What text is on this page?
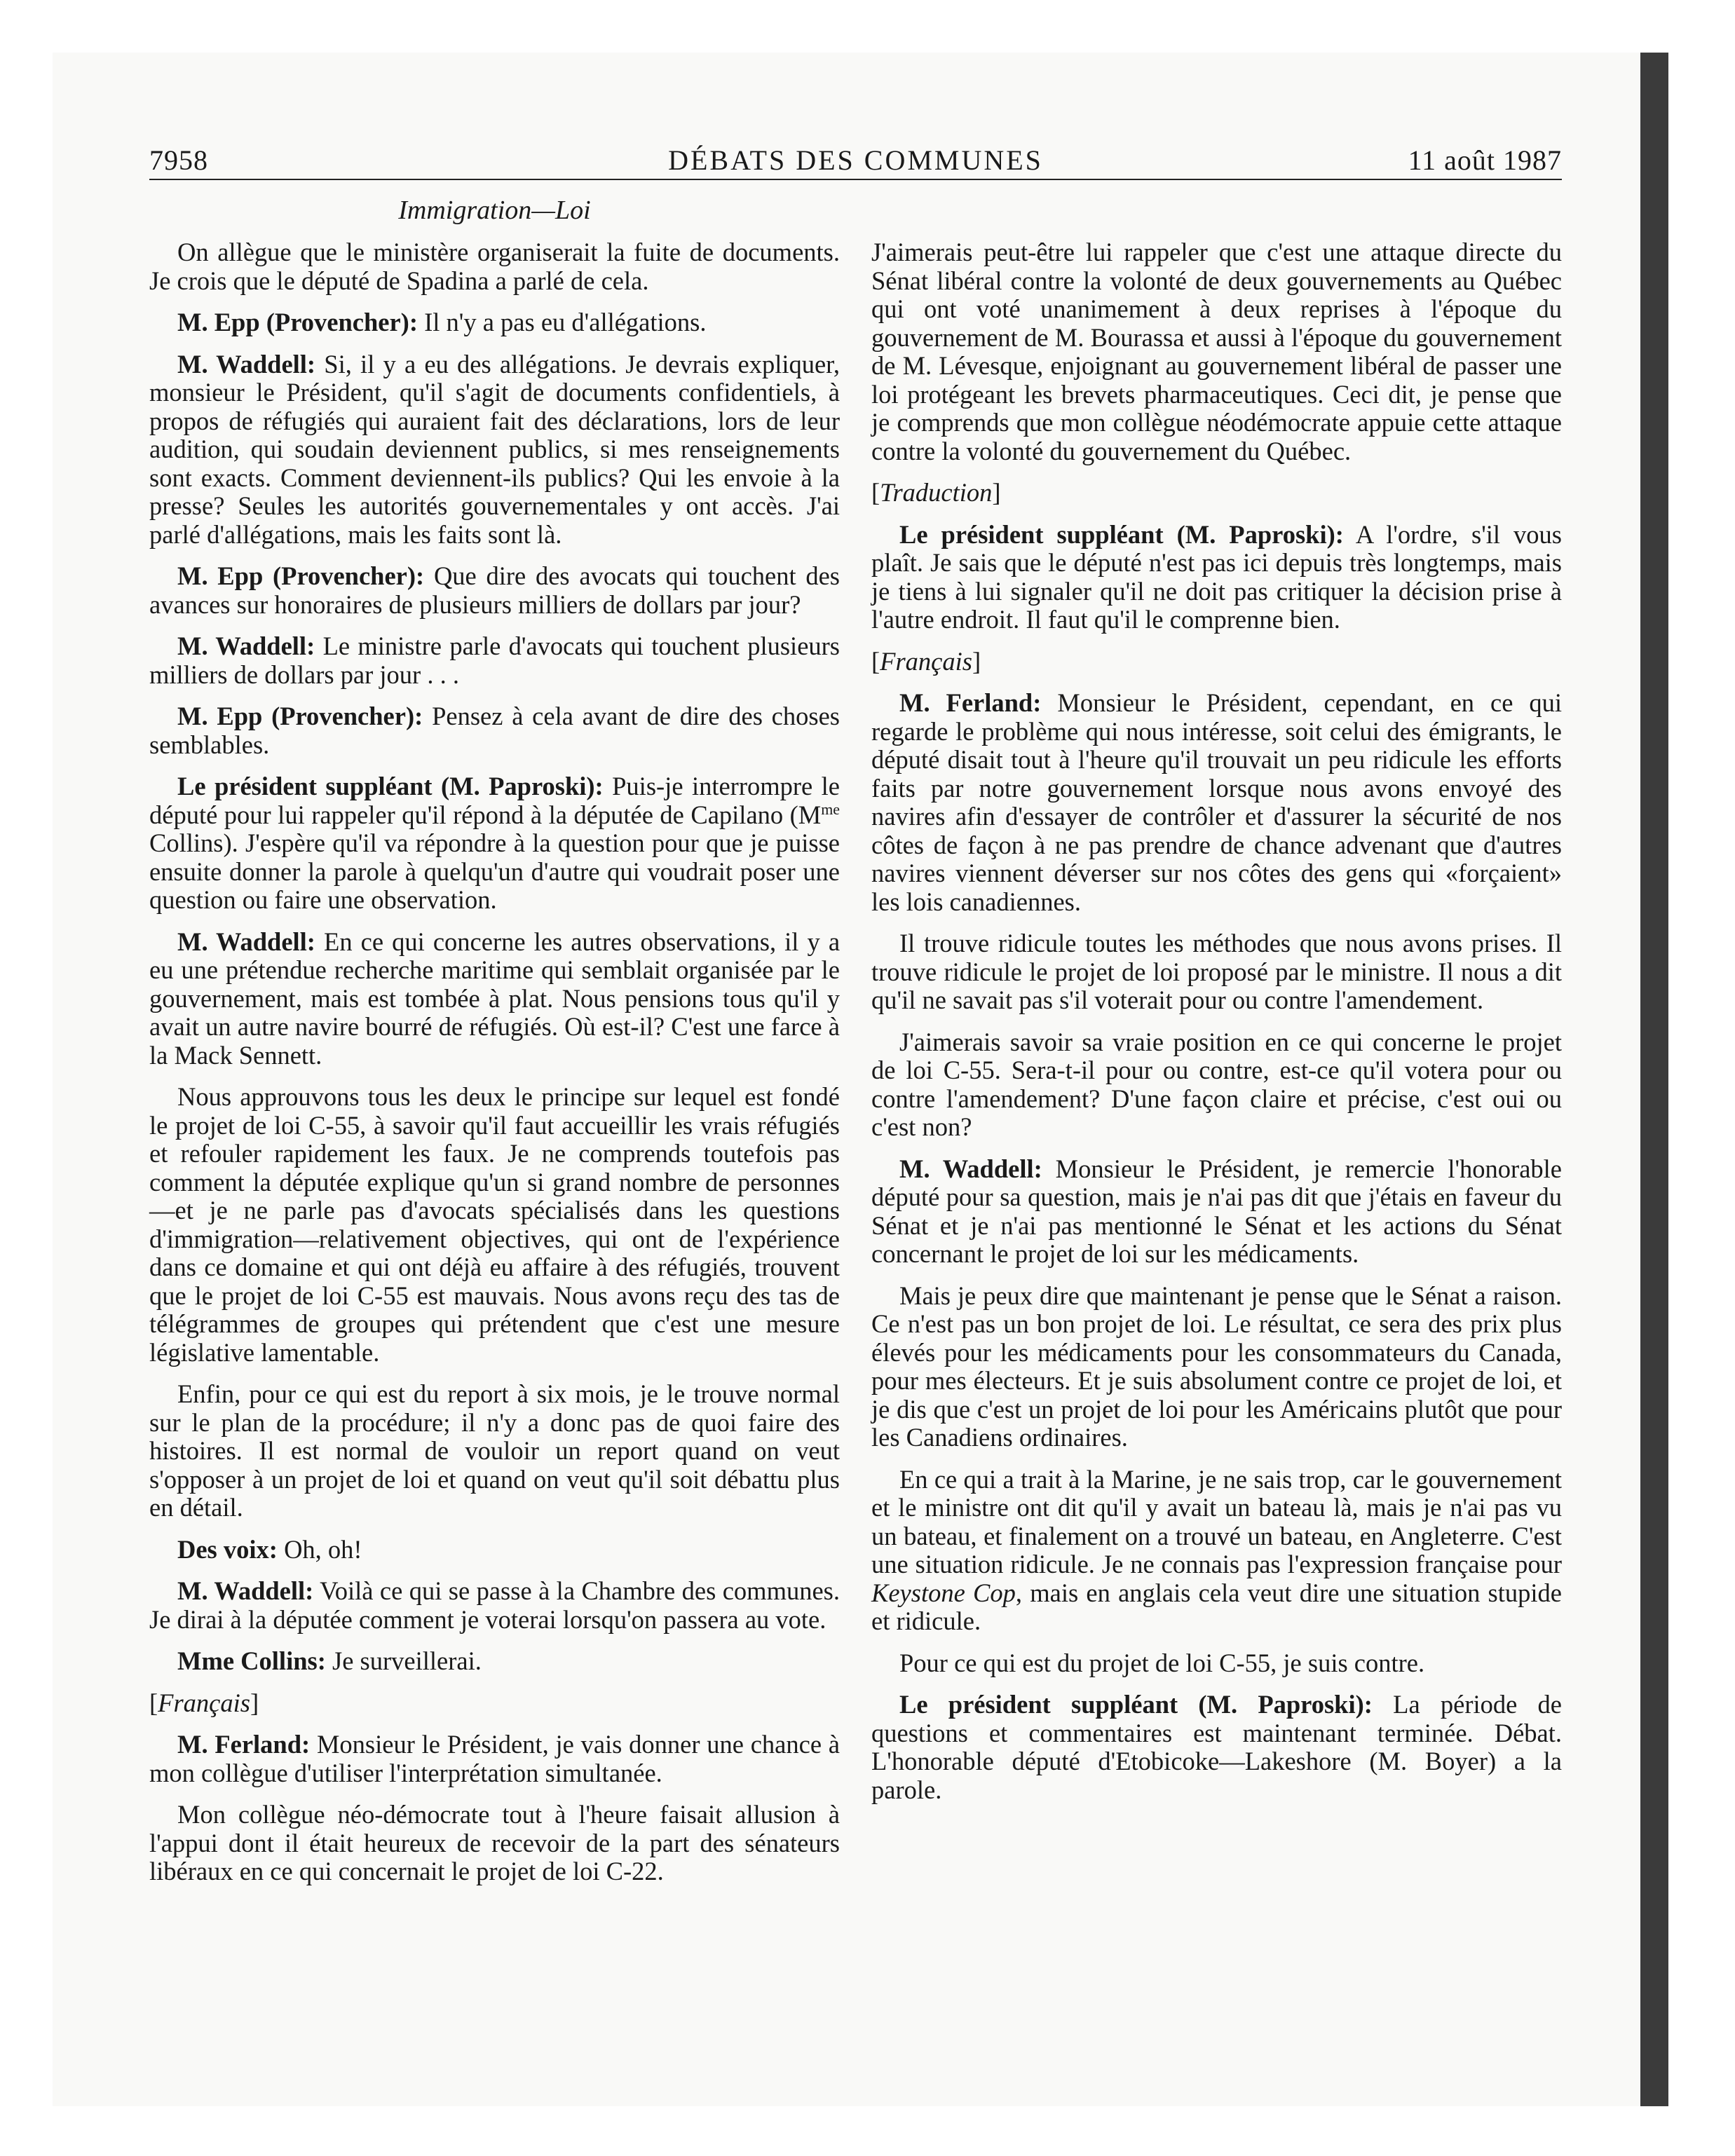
7958	DÉBATS DES COMMUNES	11 août 1987
Immigration—Loi

On allègue que le ministère organiserait la fuite de documents. Je crois que le député de Spadina a parlé de cela.

M. Epp (Provencher): Il n'y a pas eu d'allégations.

M. Waddell: Si, il y a eu des allégations. Je devrais expliquer, monsieur le Président, qu'il s'agit de documents confidentiels, à propos de réfugiés qui auraient fait des déclarations, lors de leur audition, qui soudain deviennent publics, si mes renseignements sont exacts. Comment deviennent-ils publics? Qui les envoie à la presse? Seules les autorités gouvernementales y ont accès. J'ai parlé d'allégations, mais les faits sont là.

M. Epp (Provencher): Que dire des avocats qui touchent des avances sur honoraires de plusieurs milliers de dollars par jour?

M. Waddell: Le ministre parle d'avocats qui touchent plusieurs milliers de dollars par jour . . .

M. Epp (Provencher): Pensez à cela avant de dire des choses semblables.

Le président suppléant (M. Paproski): Puis-je interrompre le député pour lui rappeler qu'il répond à la députée de Capilano ($M^{me}$ Collins). J'espère qu'il va répondre à la question pour que je puisse ensuite donner la parole à quelqu'un d'autre qui voudrait poser une question ou faire une observation.

M. Waddell: En ce qui concerne les autres observations, il y a eu une prétendue recherche maritime qui semblait organisée par le gouvernement, mais est tombée à plat. Nous pensions tous qu'il y avait un autre navire bourré de réfugiés. Où est-il? C'est une farce à la Mack Sennett.

Nous approuvons tous les deux le principe sur lequel est fondé le projet de loi C-55, à savoir qu'il faut accueillir les vrais réfugiés et refouler rapidement les faux. Je ne comprends toutefois pas comment la députée explique qu'un si grand nombre de personnes—et je ne parle pas d'avocats spécialisés dans les questions d'immigration—relativement objectives, qui ont de l'expérience dans ce domaine et qui ont déjà eu affaire à des réfugiés, trouvent que le projet de loi C-55 est mauvais. Nous avons reçu des tas de télégrammes de groupes qui prétendent que c'est une mesure législative lamentable.

Enfin, pour ce qui est du report à six mois, je le trouve normal sur le plan de la procédure; il n'y a donc pas de quoi faire des histoires. Il est normal de vouloir un report quand on veut s'opposer à un projet de loi et quand on veut qu'il soit débattu plus en détail.

Des voix: Oh, oh!

M. Waddell: Voilà ce qui se passe à la Chambre des communes. Je dirai à la députée comment je voterai lorsqu'on passera au vote.

Mme Collins: Je surveillerai.

[ Français ]

M. Ferland: Monsieur le Président, je vais donner une chance à mon collègue d'utiliser l'interprétation simultanée.

Mon collègue néo-démocrate tout à l'heure faisait allusion à l'appui dont il était heureux de recevoir de la part des sénateurs libéraux en ce qui concernait le projet de loi C-22.

J'aimerais peut-être lui rappeler que c'est une attaque directe du Sénat libéral contre la volonté de deux gouvernements au Québec qui ont voté unanimement à deux reprises à l'époque du gouvernement de M. Bourassa et aussi à l'époque du gouvernement de M. Lévesque, enjoignant au gouvernement libéral de passer une loi protégeant les brevets pharmaceutiques. Ceci dit, je pense que je comprends que mon collègue néodémocrate appuie cette attaque contre la volonté du gouvernement du Québec.

[ Traduction ]

Le président suppléant (M. Paproski): A l'ordre, s'il vous plaît. Je sais que le député n'est pas ici depuis très longtemps, mais je tiens à lui signaler qu'il ne doit pas critiquer la décision prise à l'autre endroit. Il faut qu'il le comprenne bien.

[ Français ]

M. Ferland: Monsieur le Président, cependant, en ce qui regarde le problème qui nous intéresse, soit celui des émigrants, le député disait tout à l'heure qu'il trouvait un peu ridicule les efforts faits par notre gouvernement lorsque nous avons envoyé des navires afin d'essayer de contrôler et d'assurer la sécurité de nos côtes de façon à ne pas prendre de chance advenant que d'autres navires viennent déverser sur nos côtes des gens qui «forçaient» les lois canadiennes.

Il trouve ridicule toutes les méthodes que nous avons prises. Il trouve ridicule le projet de loi proposé par le ministre. Il nous a dit qu'il ne savait pas s'il voterait pour ou contre l'amendement.

J'aimerais savoir sa vraie position en ce qui concerne le projet de loi C-55. Sera-t-il pour ou contre, est-ce qu'il votera pour ou contre l'amendement? D'une façon claire et précise, c'est oui ou c'est non?

M. Waddell: Monsieur le Président, je remercie l'honorable député pour sa question, mais je n'ai pas dit que j'étais en faveur du Sénat et je n'ai pas mentionné le Sénat et les actions du Sénat concernant le projet de loi sur les médicaments.

Mais je peux dire que maintenant je pense que le Sénat a raison. Ce n'est pas un bon projet de loi. Le résultat, ce sera des prix plus élevés pour les médicaments pour les consommateurs du Canada, pour mes électeurs. Et je suis absolument contre ce projet de loi, et je dis que c'est un projet de loi pour les Américains plutôt que pour les Canadiens ordinaires.

En ce qui a trait à la Marine, je ne sais trop, car le gouvernement et le ministre ont dit qu'il y avait un bateau là, mais je n'ai pas vu un bateau, et finalement on a trouvé un bateau, en Angleterre. C'est une situation ridicule. Je ne connais pas l'expression française pour Keystone Cop, mais en anglais cela veut dire une situation stupide et ridicule.

Pour ce qui est du projet de loi C-55, je suis contre.

Le président suppléant (M. Paproski): La période de questions et commentaires est maintenant terminée. Débat. L'honorable député d'Etobicoke—Lakeshore (M. Boyer) a la parole.
